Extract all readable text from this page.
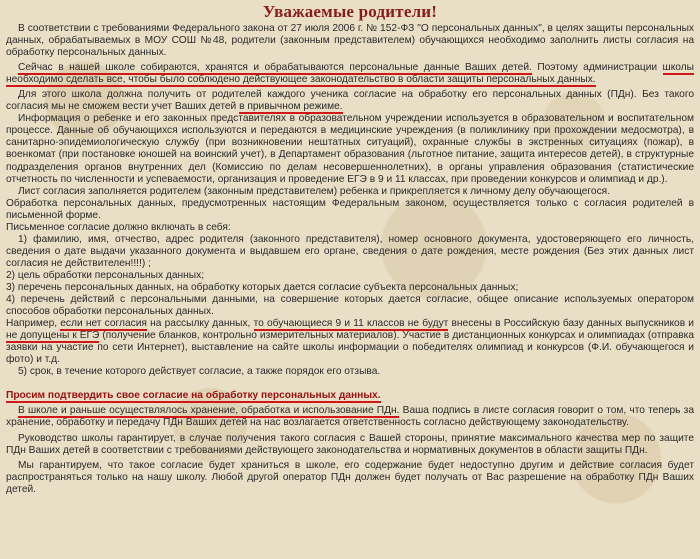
Уважаемые родители!

В соответствии с требованиями Федерального закона от 27 июля 2006 г. № 152-ФЗ "О персональных данных", в целях защиты персональных данных, обрабатываемых в МОУ СОШ №48, родители (законным представителем) обучающихся необходимо заполнить листы согласия на обработку персональных данных.

Сейчас в нашей школе собираются, хранятся и обрабатываются персональные данные Ваших детей. Поэтому администрации школы необходимо сделать все, чтобы было соблюдено действующее законодательство в области защиты персональных данных.

Для этого школа должна получить от родителей каждого ученика согласие на обработку его персональных данных (ПДн). Без такого согласия мы не сможем вести учет Ваших детей в привычном режиме.

Информация о ребенке и его законных представителях в образовательном учреждении используется в образовательном и воспитательном процессе. Данные об обучающихся используются и передаются в медицинские учреждения (в поликлинику при прохождении медосмотра), в санитарно-эпидемиологическую службу (при возникновении нештатных ситуаций), охранные службы в экстренных ситуациях (пожар), в военкомат (при постановке юношей на воинский учет), в Департамент образования (льготное питание, защита интересов детей), в структурные подразделения органов внутренних дел (Комиссию по делам несовершеннолетних), в органы управления образования (статистические отчетность по численности и успеваемости, организация и проведение ЕГЭ в 9 и 11 классах, при проведении конкурсов и олимпиад и др.).

Лист согласия заполняется родителем (законным представителем) ребенка и прикрепляется к личному делу обучающегося.

Обработка персональных данных, предусмотренных настоящим Федеральным законом, осуществляется только с согласия родителей в письменной форме.

Письменное согласие должно включать в себя:

1) фамилию, имя, отчество, адрес родителя (законного представителя), номер основного документа, удостоверяющего его личность, сведения о дате выдачи указанного документа и выдавшем его органе, сведения о дате рождения, месте рождения (Без этих данных лист согласия не действителен!!!!) ;

2) цель обработки персональных данных;

3) перечень персональных данных, на обработку которых дается согласие субъекта персональных данных;

4) перечень действий с персональными данными, на совершение которых дается согласие, общее описание используемых оператором способов обработки персональных данных.

Например, если нет согласия на рассылку данных, то обучающиеся 9 и 11 классов не будут внесены в Российскую базу данных выпускников и не допущены к ЕГЭ (получение бланков, контрольно измерительных материалов). Участие в дистанционных конкурсах и олимпиадах (отправка заявки на участие по сети Интернет), выставление на сайте школы информации о победителях олимпиад и конкурсов (Ф.И. обучающегося и фото) и т.д.

5) срок, в течение которого действует согласие, а также порядок его отзыва.

Просим подтвердить свое согласие на обработку персональных данных.

В школе и раньше осуществлялось хранение, обработка и использование ПДн. Ваша подпись в листе согласия говорит о том, что теперь за хранение, обработку и передачу ПДн Ваших детей на нас возлагается ответственность согласно действующему законодательству.

Руководство школы гарантирует, в случае получения такого согласия с Вашей стороны, принятие максимального качества мер по защите ПДн Ваших детей в соответствии с требованиями действующего законодательства и нормативных документов в области защиты ПДн.

Мы гарантируем, что такое согласие будет храниться в школе, его содержание будет недоступно другим и действие согласия будет распространяться только на нашу школу. Любой другой оператор ПДн должен будет получать от Вас разрешение на обработку ПДн Ваших детей.
